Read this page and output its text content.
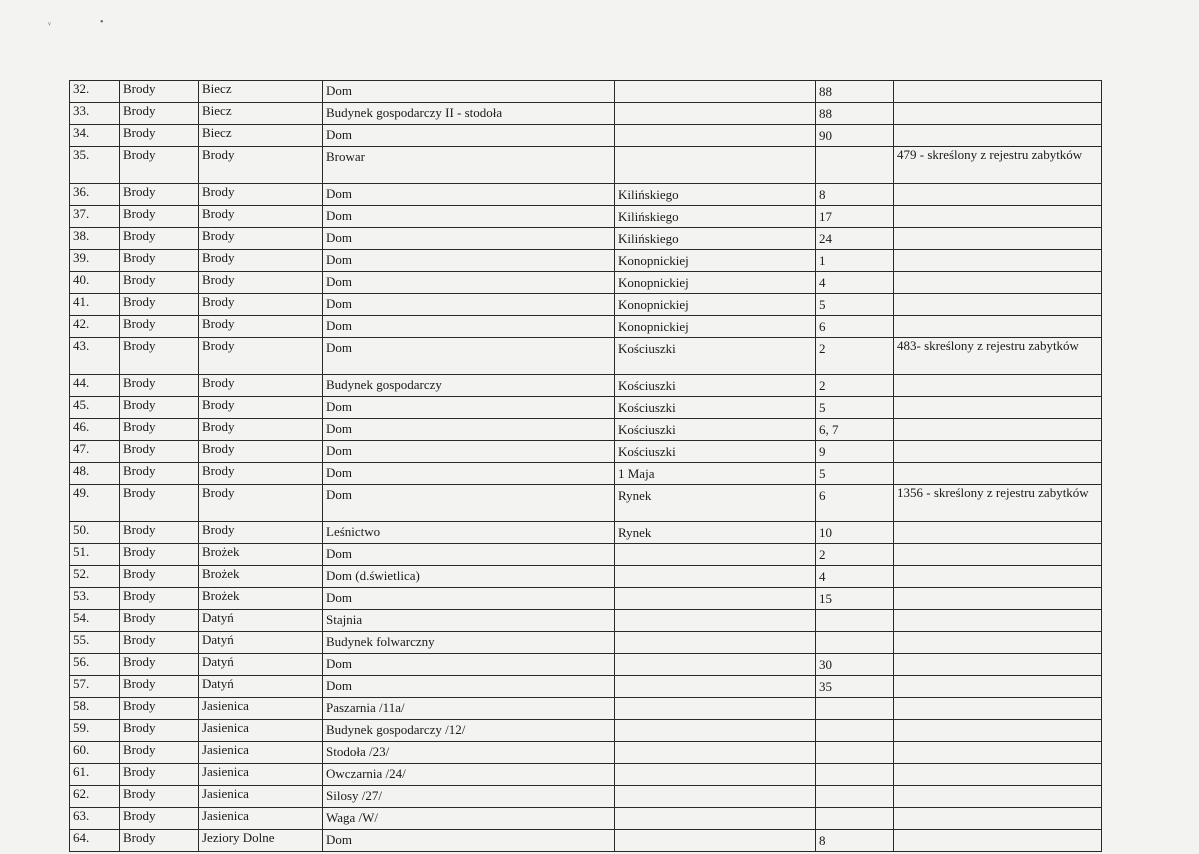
ᵛ	•
32.	Brody	Biecz	Dom		88	
33.	Brody	Biecz	Budynek gospodarczy II - stodoła		88	
34.	Brody	Biecz	Dom		90	
35.	Brody	Brody	Browar			479 - skreślony z rejestru zabytków
36.	Brody	Brody	Dom	Kilińskiego	8	
37.	Brody	Brody	Dom	Kilińskiego	17	
38.	Brody	Brody	Dom	Kilińskiego	24	
39.	Brody	Brody	Dom	Konopnickiej	1	
40.	Brody	Brody	Dom	Konopnickiej	4	
41.	Brody	Brody	Dom	Konopnickiej	5	
42.	Brody	Brody	Dom	Konopnickiej	6	
43.	Brody	Brody	Dom	Kościuszki	2	483- skreślony z rejestru zabytków
44.	Brody	Brody	Budynek gospodarczy	Kościuszki	2	
45.	Brody	Brody	Dom	Kościuszki	5	
46.	Brody	Brody	Dom	Kościuszki	6, 7	
47.	Brody	Brody	Dom	Kościuszki	9	
48.	Brody	Brody	Dom	1 Maja	5	
49.	Brody	Brody	Dom	Rynek	6	1356 - skreślony z rejestru zabytków
50.	Brody	Brody	Leśnictwo	Rynek	10	
51.	Brody	Brożek	Dom		2	
52.	Brody	Brożek	Dom (d.świetlica)		4	
53.	Brody	Brożek	Dom		15	
54.	Brody	Datyń	Stajnia			
55.	Brody	Datyń	Budynek folwarczny			
56.	Brody	Datyń	Dom		30	
57.	Brody	Datyń	Dom		35	
58.	Brody	Jasienica	Paszarnia /11a/			
59.	Brody	Jasienica	Budynek gospodarczy /12/			
60.	Brody	Jasienica	Stodoła /23/			
61.	Brody	Jasienica	Owczarnia /24/			
62.	Brody	Jasienica	Silosy /27/			
63.	Brody	Jasienica	Waga /W/			
64.	Brody	Jeziory Dolne	Dom		8	
